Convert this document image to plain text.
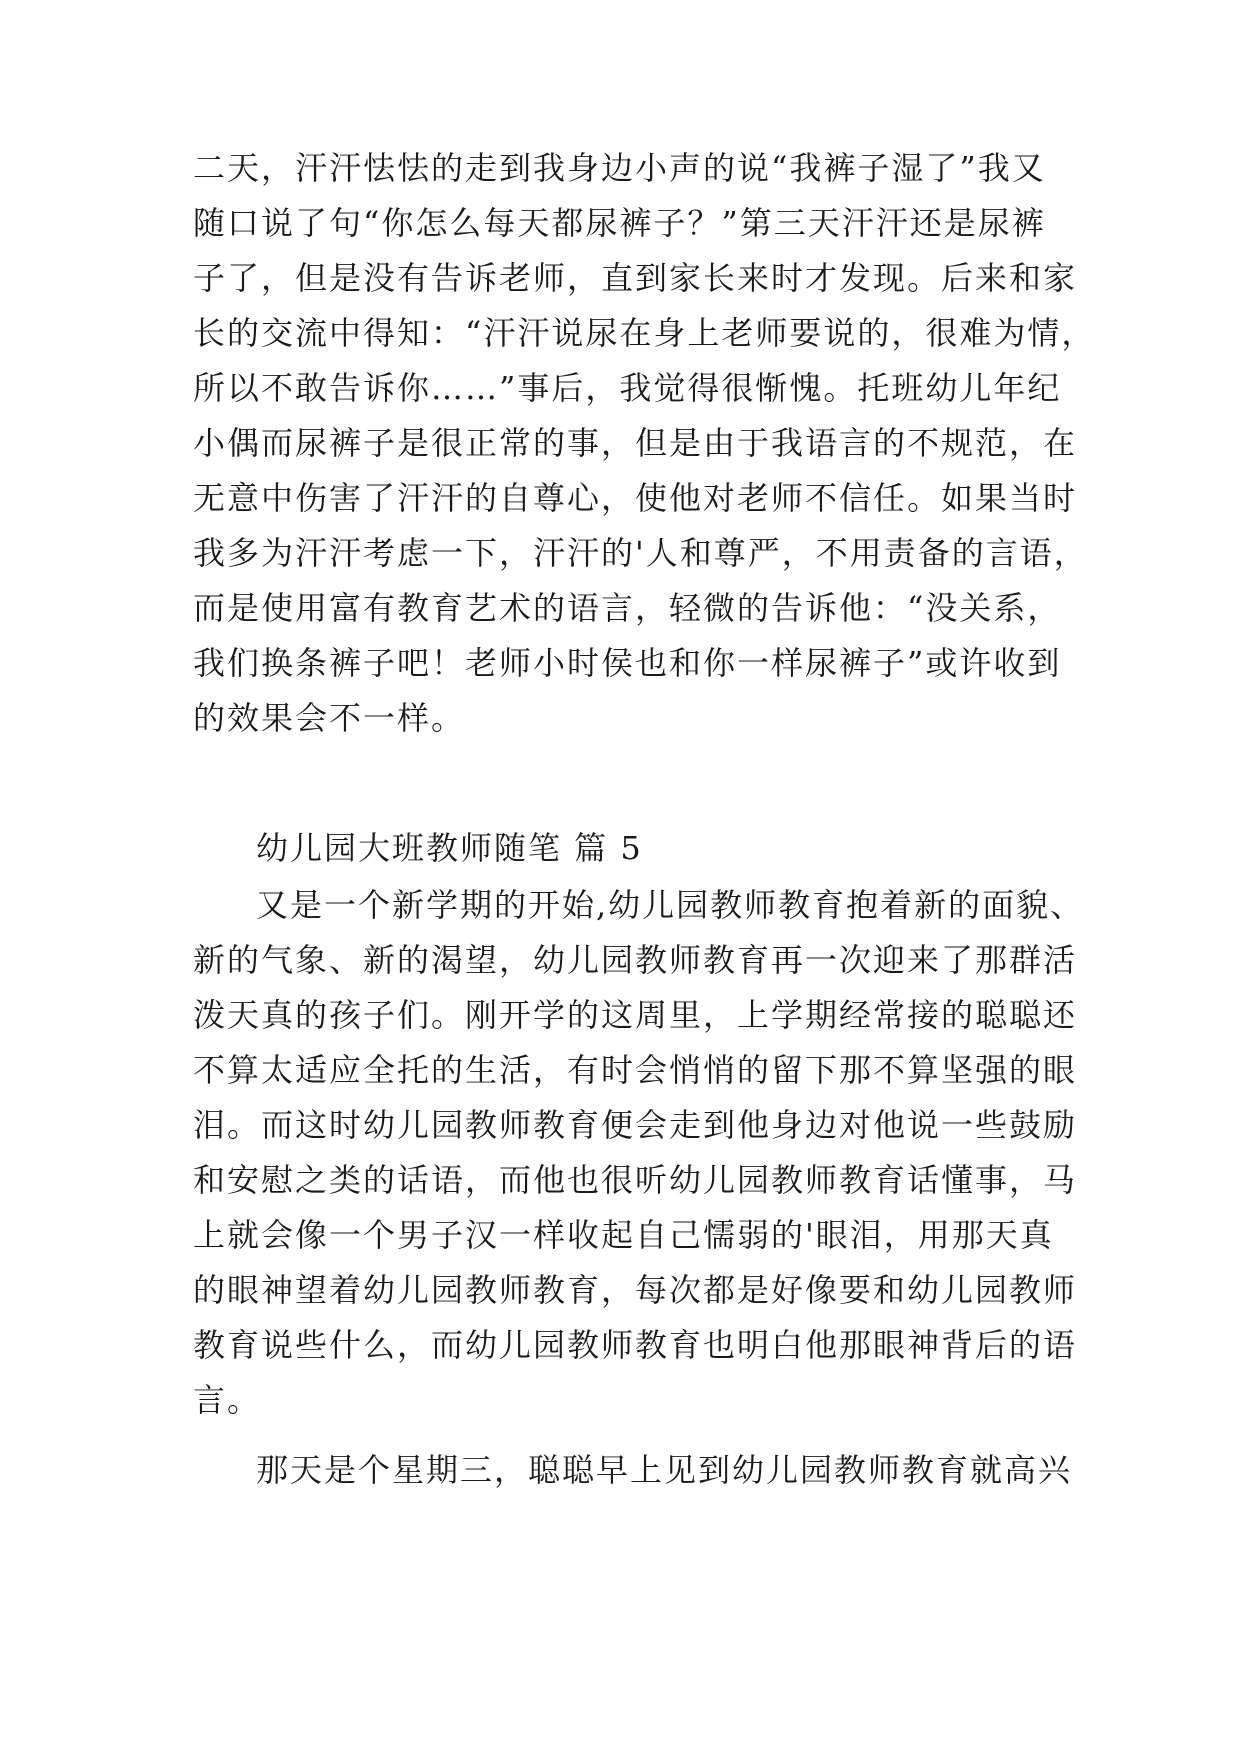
二天，汗汗怯怯的走到我身边小声的说“我裤子湿了”我又
随口说了句“你怎么每天都尿裤子？”第三天汗汗还是尿裤
子了，但是没有告诉老师，直到家长来时才发现。后来和家
长的交流中得知：“汗汗说尿在身上老师要说的，很难为情，
所以不敢告诉你……”事后，我觉得很惭愧。托班幼儿年纪
小偶而尿裤子是很正常的事，但是由于我语言的不规范，在
无意中伤害了汗汗的自尊心，使他对老师不信任。如果当时
我多为汗汗考虑一下，汗汗的'人和尊严，不用责备的言语，
而是使用富有教育艺术的语言，轻微的告诉他：“没关系，
我们换条裤子吧！老师小时侯也和你一样尿裤子”或许收到
的效果会不一样。
幼儿园大班教师随笔 篇 5
又是一个新学期的开始,幼儿园教师教育抱着新的面貌、
新的气象、新的渴望，幼儿园教师教育再一次迎来了那群活
泼天真的孩子们。刚开学的这周里，上学期经常接的聪聪还
不算太适应全托的生活，有时会悄悄的留下那不算坚强的眼
泪。而这时幼儿园教师教育便会走到他身边对他说一些鼓励
和安慰之类的话语，而他也很听幼儿园教师教育话懂事，马
上就会像一个男子汉一样收起自己懦弱的'眼泪，用那天真
的眼神望着幼儿园教师教育，每次都是好像要和幼儿园教师
教育说些什么，而幼儿园教师教育也明白他那眼神背后的语
言。
那天是个星期三，聪聪早上见到幼儿园教师教育就高兴
